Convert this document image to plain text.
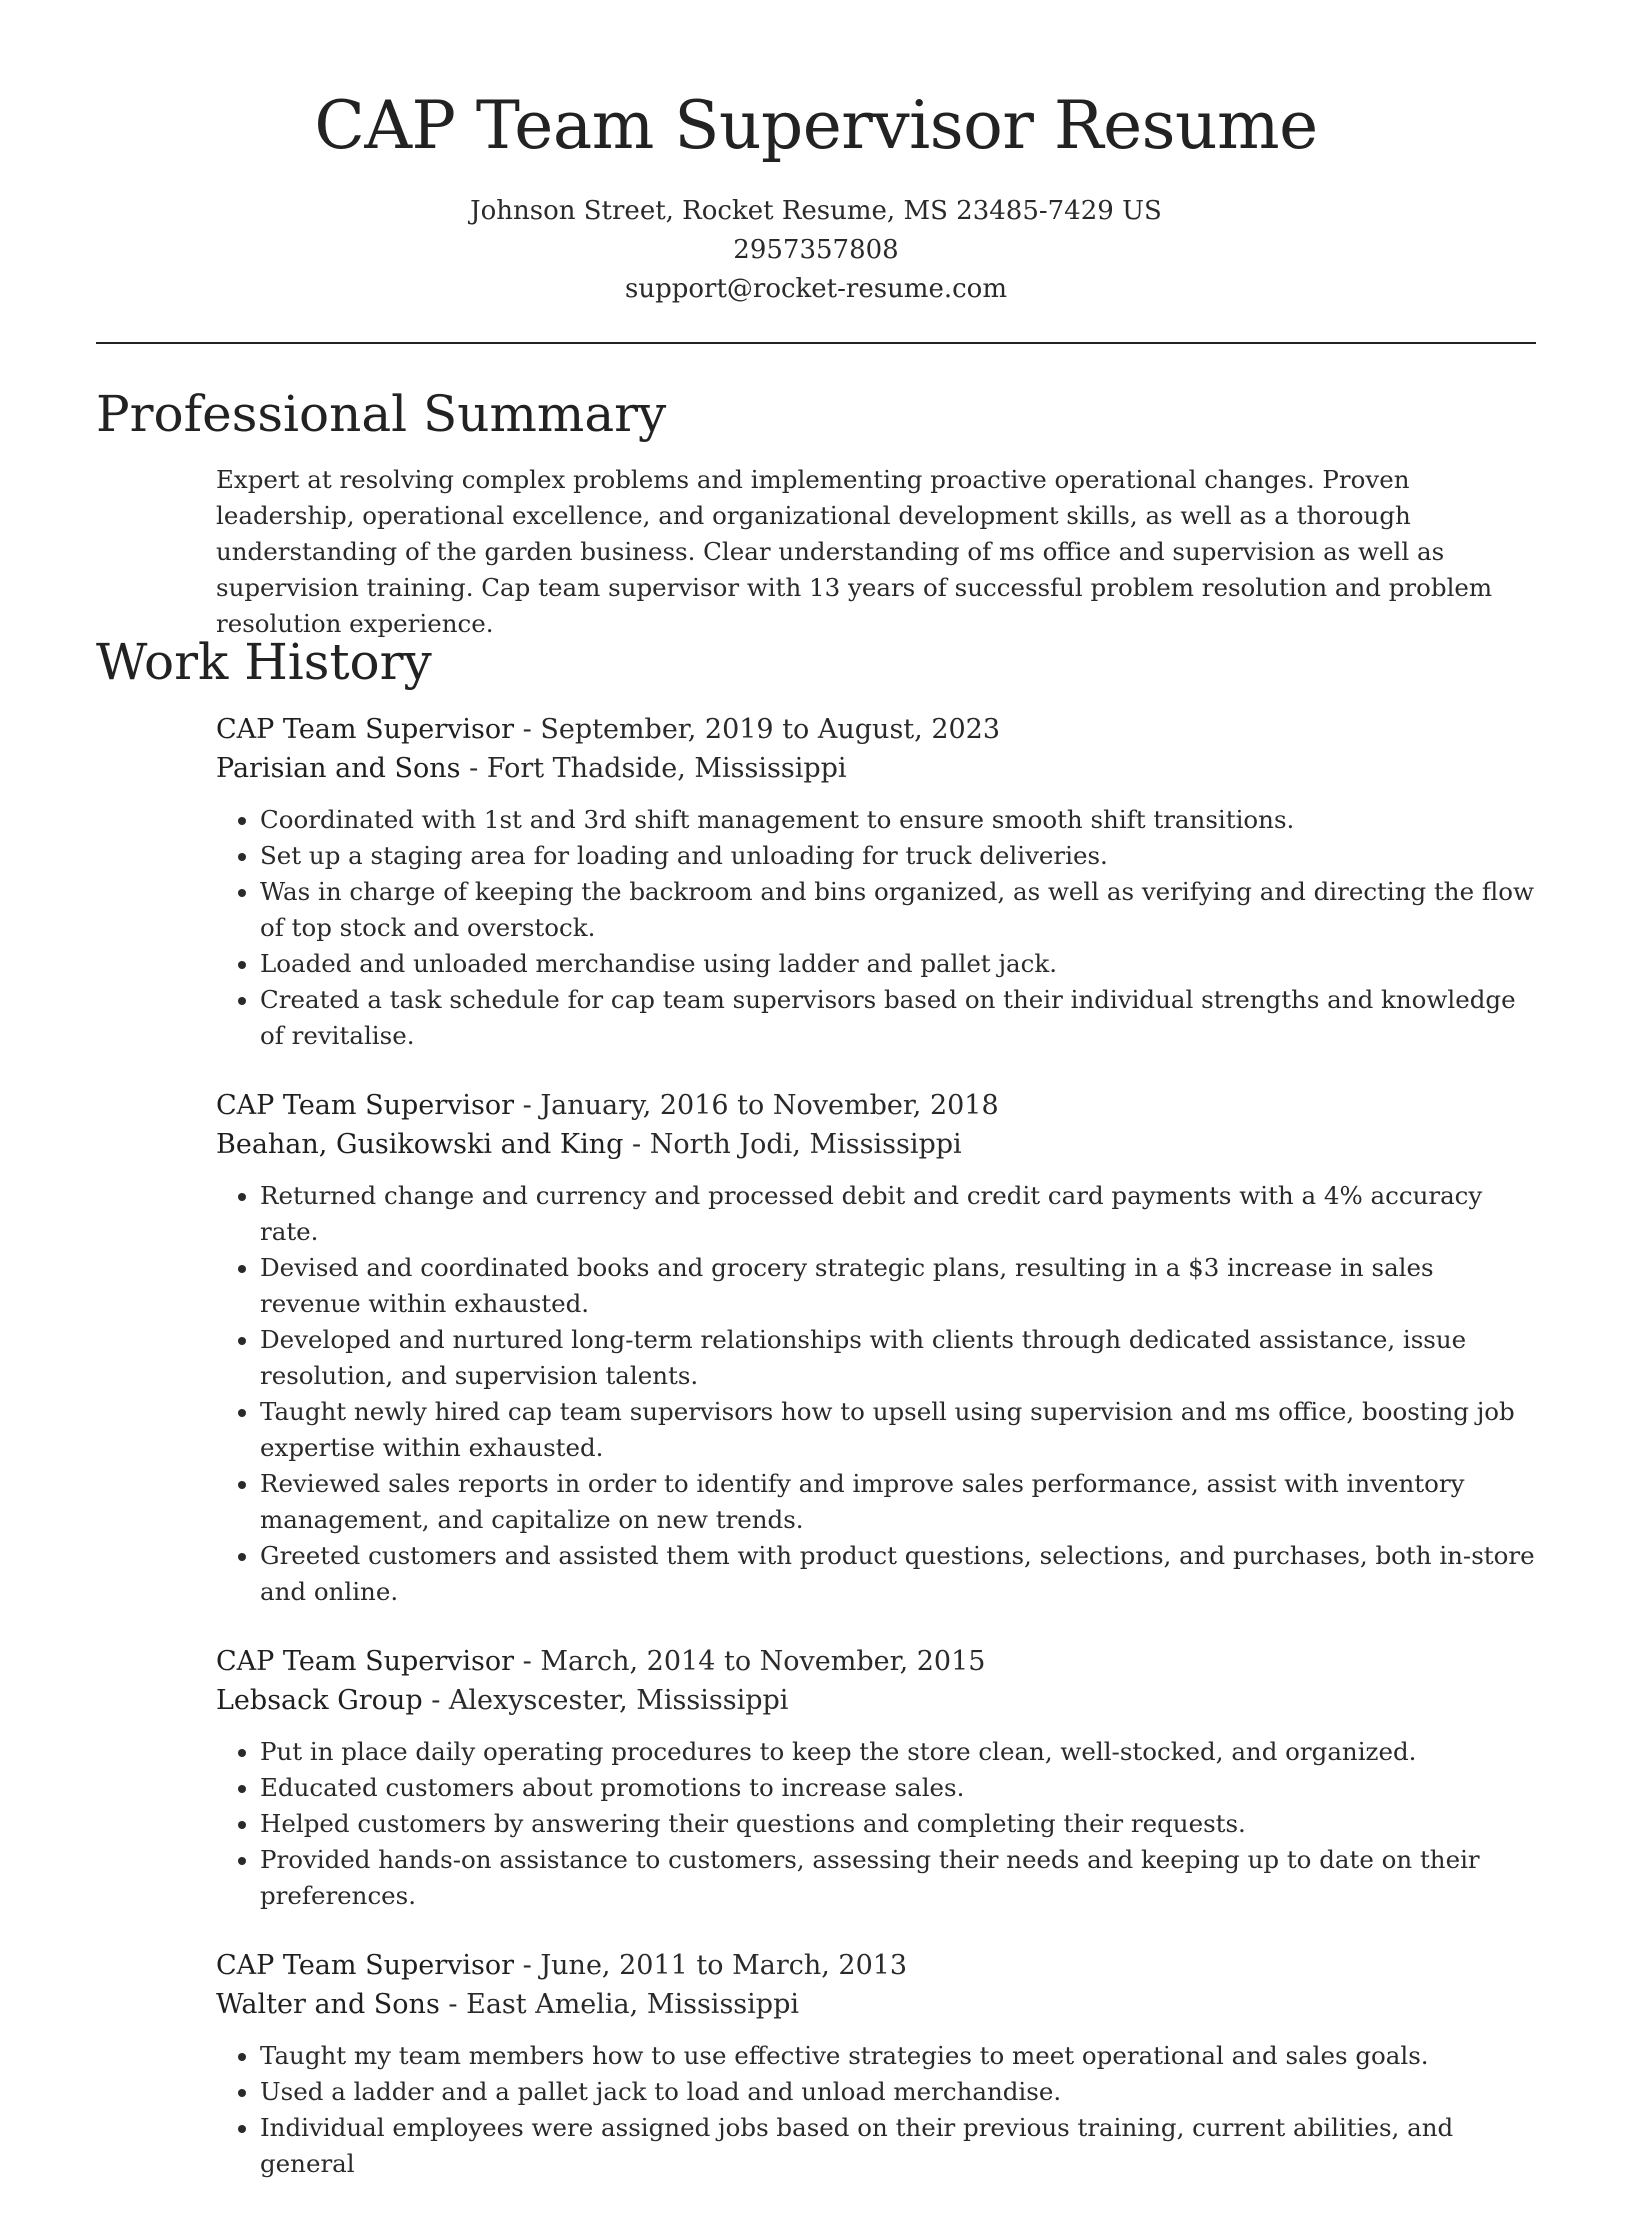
CAP Team Supervisor Resume
Johnson Street, Rocket Resume, MS 23485-7429 US
2957357808
support@rocket-resume.com
Professional Summary

Expert at resolving complex problems and implementing proactive operational changes. Proven leadership, operational excellence, and organizational development skills, as well as a thorough understanding of the garden business. Clear understanding of ms office and supervision as well as supervision training. Cap team supervisor with 13 years of successful problem resolution and problem resolution experience.

Work History
CAP Team Supervisor - September, 2019 to August, 2023
Parisian and Sons - Fort Thadside, Mississippi
• Coordinated with 1st and 3rd shift management to ensure smooth shift transitions.
• Set up a staging area for loading and unloading for truck deliveries.
• Was in charge of keeping the backroom and bins organized, as well as verifying and directing the flow of top stock and overstock.
• Loaded and unloaded merchandise using ladder and pallet jack.
• Created a task schedule for cap team supervisors based on their individual strengths and knowledge of revitalise.
CAP Team Supervisor - January, 2016 to November, 2018
Beahan, Gusikowski and King - North Jodi, Mississippi
• Returned change and currency and processed debit and credit card payments with a 4% accuracy rate.
• Devised and coordinated books and grocery strategic plans, resulting in a $3 increase in sales revenue within exhausted.
• Developed and nurtured long-term relationships with clients through dedicated assistance, issue resolution, and supervision talents.
• Taught newly hired cap team supervisors how to upsell using supervision and ms office, boosting job expertise within exhausted.
• Reviewed sales reports in order to identify and improve sales performance, assist with inventory management, and capitalize on new trends.
• Greeted customers and assisted them with product questions, selections, and purchases, both in-store and online.
CAP Team Supervisor - March, 2014 to November, 2015
Lebsack Group - Alexyscester, Mississippi
• Put in place daily operating procedures to keep the store clean, well-stocked, and organized.
• Educated customers about promotions to increase sales.
• Helped customers by answering their questions and completing their requests.
• Provided hands-on assistance to customers, assessing their needs and keeping up to date on their preferences.
CAP Team Supervisor - June, 2011 to March, 2013
Walter and Sons - East Amelia, Mississippi
• Taught my team members how to use effective strategies to meet operational and sales goals.
• Used a ladder and a pallet jack to load and unload merchandise.
• Individual employees were assigned jobs based on their previous training, current abilities, and general
